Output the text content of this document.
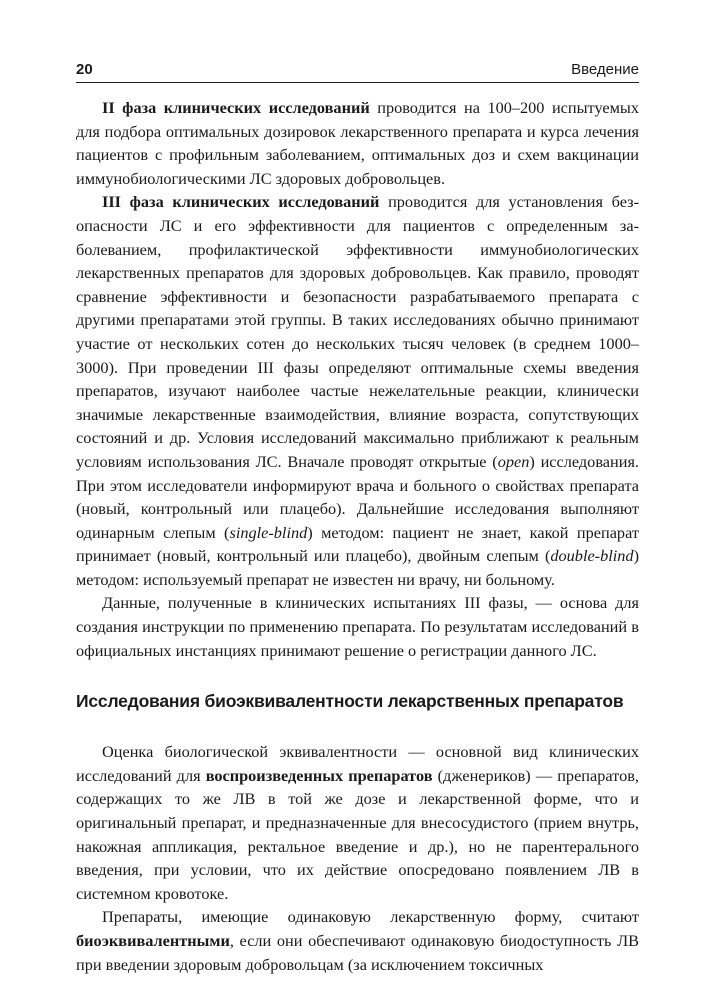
20	Введение

II фаза клинических исследований проводится на 100–200 испытуемых для подбора оптимальных дозировок лекарственного препарата и курса лечения пациентов с профильным заболеванием, оптимальных доз и схем вакцинации иммунобиологическими ЛС здоровых добровольцев.

III фаза клинических исследований проводится для установления безопасности ЛС и его эффективности для пациентов с определенным заболеванием, профилактической эффективности иммунобиологических лекарственных препаратов для здоровых добровольцев. Как правило, проводят сравнение эффективности и безопасности разрабатываемого препарата с другими препаратами этой группы. В таких исследованиях обычно принимают участие от нескольких сотен до нескольких тысяч человек (в среднем 1000–3000). При проведении III фазы определяют оптимальные схемы введения препаратов, изучают наиболее частые нежелательные реакции, клинически значимые лекарственные взаимодействия, влияние возраста, сопутствующих состояний и др. Условия исследований максимально приближают к реальным условиям использования ЛС. Вначале проводят открытые (open) исследования. При этом исследователи информируют врача и больного о свойствах препарата (новый, контрольный или плацебо). Дальнейшие исследования выполняют одинарным слепым (single-blind) методом: пациент не знает, какой препарат принимает (новый, контрольный или плацебо), двойным слепым (double-blind) методом: используемый препарат не известен ни врачу, ни больному.

Данные, полученные в клинических испытаниях III фазы, — основа для создания инструкции по применению препарата. По результатам исследований в официальных инстанциях принимают решение о регистрации данного ЛС.

Исследования биоэквивалентности лекарственных препаратов

Оценка биологической эквивалентности — основной вид клинических исследований для воспроизведенных препаратов (дженериков) — препаратов, содержащих то же ЛВ в той же дозе и лекарственной форме, что и оригинальный препарат, и предназначенные для внесосудистого (прием внутрь, накожная аппликация, ректальное введение и др.), но не парентерального введения, при условии, что их действие опосредовано появлением ЛВ в системном кровотоке.

Препараты, имеющие одинаковую лекарственную форму, считают биоэквивалентными, если они обеспечивают одинаковую биодоступность ЛВ при введении здоровым добровольцам (за исключением токсичных
